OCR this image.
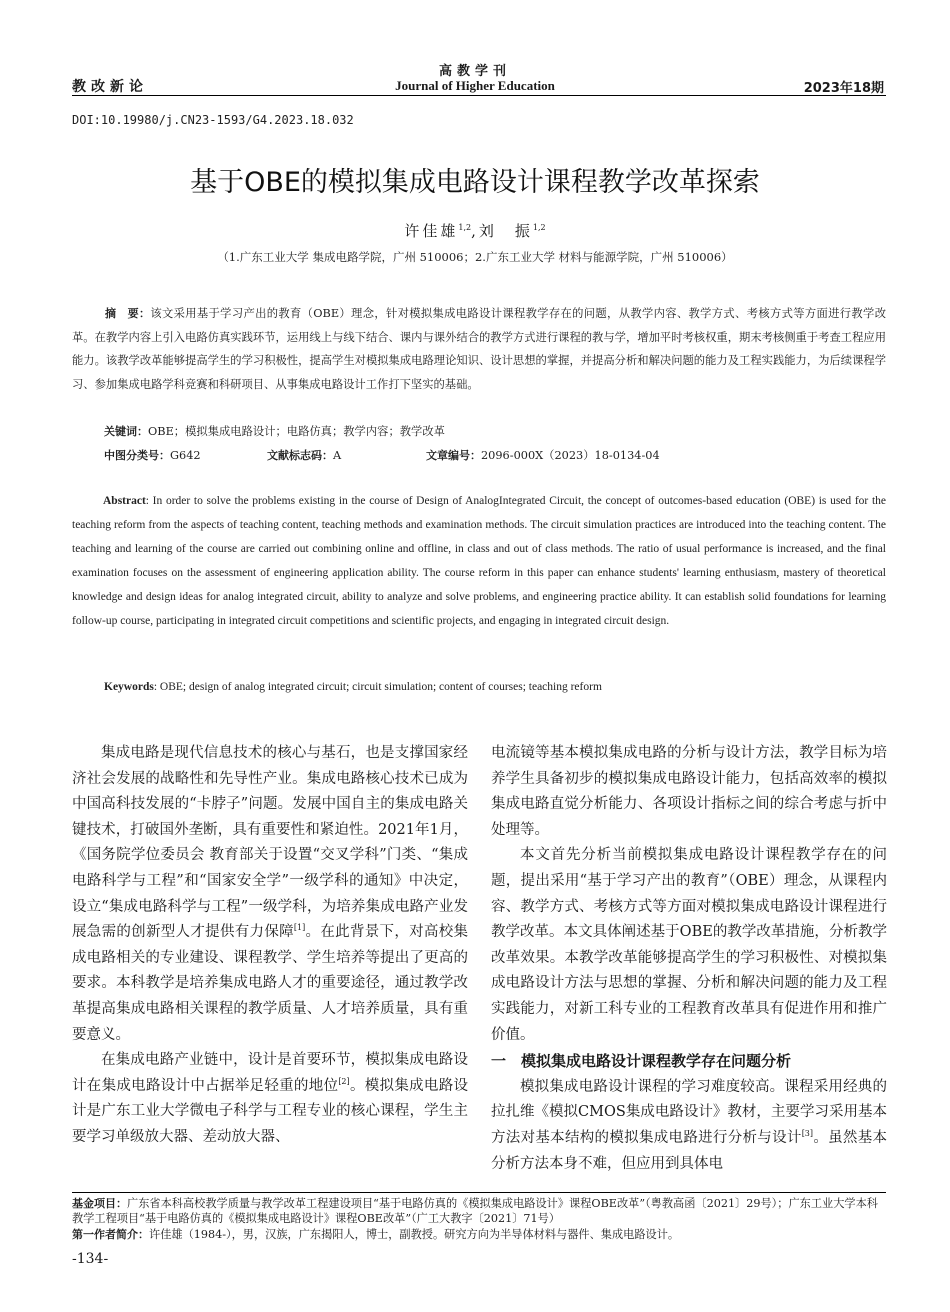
教改新论
高教学刊
Journal of Higher Education	2023年18期
DOI:10.19980/j.CN23-1593/G4.2023.18.032
基于OBE的模拟集成电路设计课程教学改革探索
许佳雄$^{1,2}$,刘　振$^{1,2}$
（1.广东工业大学 集成电路学院，广州 510006；2.广东工业大学 材料与能源学院，广州 510006）
摘　要：该文采用基于学习产出的教育（OBE）理念，针对模拟集成电路设计课程教学存在的问题，从教学内容、教学方式、考核方式等方面进行教学改革。在教学内容上引入电路仿真实践环节，运用线上与线下结合、课内与课外结合的教学方式进行课程的教与学，增加平时考核权重，期末考核侧重于考查工程应用能力。该教学改革能够提高学生的学习积极性，提高学生对模拟集成电路理论知识、设计思想的掌握，并提高分析和解决问题的能力及工程实践能力，为后续课程学习、参加集成电路学科竞赛和科研项目、从事集成电路设计工作打下坚实的基础。
关键词：OBE；模拟集成电路设计；电路仿真；教学内容；教学改革
中图分类号：G642	文献标志码：A	文章编号：2096-000X（2023）18-0134-04
Abstract: In order to solve the problems existing in the course of Design of AnalogIntegrated Circuit, the concept of outcomes-based education (OBE) is used for the teaching reform from the aspects of teaching content, teaching methods and examination methods. The circuit simulation practices are introduced into the teaching content. The teaching and learning of the course are carried out combining online and offline, in class and out of class methods. The ratio of usual performance is increased, and the final examination focuses on the assessment of engineering application ability. The course reform in this paper can enhance students' learning enthusiasm, mastery of theoretical knowledge and design ideas for analog integrated circuit, ability to analyze and solve problems, and engineering practice ability. It can establish solid foundations for learning follow-up course, participating in integrated circuit competitions and scientific projects, and engaging in integrated circuit design.
Keywords: OBE; design of analog integrated circuit; circuit simulation; content of courses; teaching reform

集成电路是现代信息技术的核心与基石，也是支撑国家经济社会发展的战略性和先导性产业。集成电路核心技术已成为中国高科技发展的“卡脖子”问题。发展中国自主的集成电路关键技术，打破国外垄断，具有重要性和紧迫性。2021年1月，《国务院学位委员会 教育部关于设置“交叉学科”门类、“集成电路科学与工程”和“国家安全学”一级学科的通知》中决定，设立“集成电路科学与工程”一级学科，为培养集成电路产业发展急需的创新型人才提供有力保障[1]。在此背景下，对高校集成电路相关的专业建设、课程教学、学生培养等提出了更高的要求。本科教学是培养集成电路人才的重要途径，通过教学改革提高集成电路相关课程的教学质量、人才培养质量，具有重要意义。

在集成电路产业链中，设计是首要环节，模拟集成电路设计在集成电路设计中占据举足轻重的地位[2]。模拟集成电路设计是广东工业大学微电子科学与工程专业的核心课程，学生主要学习单级放大器、差动放大器、

电流镜等基本模拟集成电路的分析与设计方法，教学目标为培养学生具备初步的模拟集成电路设计能力，包括高效率的模拟集成电路直觉分析能力、各项设计指标之间的综合考虑与折中处理等。

本文首先分析当前模拟集成电路设计课程教学存在的问题，提出采用“基于学习产出的教育”（OBE）理念，从课程内容、教学方式、考核方式等方面对模拟集成电路设计课程进行教学改革。本文具体阐述基于OBE的教学改革措施，分析教学改革效果。本教学改革能够提高学生的学习积极性、对模拟集成电路设计方法与思想的掌握、分析和解决问题的能力及工程实践能力，对新工科专业的工程教育改革具有促进作用和推广价值。

一　模拟集成电路设计课程教学存在问题分析

模拟集成电路设计课程的学习难度较高。课程采用经典的拉扎维《模拟CMOS集成电路设计》教材，主要学习采用基本方法对基本结构的模拟集成电路进行分析与设计[3]。虽然基本分析方法本身不难，但应用到具体电

基金项目：广东省本科高校教学质量与教学改革工程建设项目“基于电路仿真的《模拟集成电路设计》课程OBE改革”（粤教高函〔2021〕29号）；广东工业大学本科教学工程项目“基于电路仿真的《模拟集成电路设计》课程OBE改革”（广工大教字〔2021〕71号）
第一作者简介：许佳雄（1984-），男，汉族，广东揭阳人，博士，副教授。研究方向为半导体材料与器件、集成电路设计。
-134-
